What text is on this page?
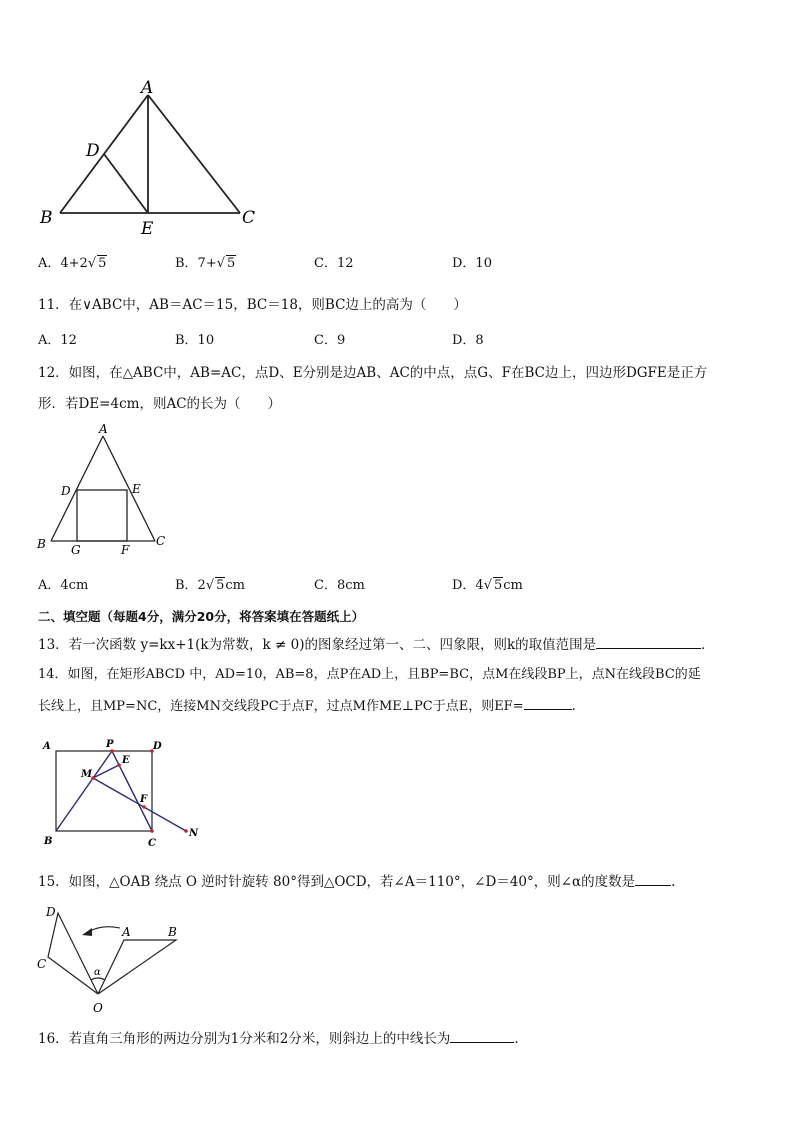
A
D
B
E
C
A．4+2√ 5	B．7+√ 5	C．12	D．10
11．在∨ABC中，AB＝AC＝15，BC＝18，则BC边上的高为（　　）
A．12	B．10	C．9	D．8
12．如图，在△ABC中，AB=AC，点D、E分别是边AB、AC的中点，点G、F在BC边上，四边形DGFE是正方
形．若DE=4cm，则AC的长为（　　）
A
D	E
B G	F
C
A．4cm	B．2√ 5cm	C．8cm	D．4√ 5cm
二、填空题（每题4分，满分20分，将答案填在答题纸上）
13．若一次函数 y=kx+1(k为常数，k ≠ 0)的图象经过第一、二、四象限，则k的取值范围是	．
14．如图，在矩形ABCD 中，AD=10，AB=8，点P在AD上，且BP=BC，点M在线段BP上，点N在线段BC的延
长线上，且MP=NC，连接MN交线段PC于点F，过点M作ME⊥PC于点E，则EF=	.
A	P	D
M
E
F
B	C
N
15．如图，△OAB 绕点 O 逆时针旋转 80°得到△OCD，若∠A＝110°，∠D＝40°，则∠α的度数是	.
D
C
A	B
O
α
16．若直角三角形的两边分别为1分米和2分米，则斜边上的中线长为	.
